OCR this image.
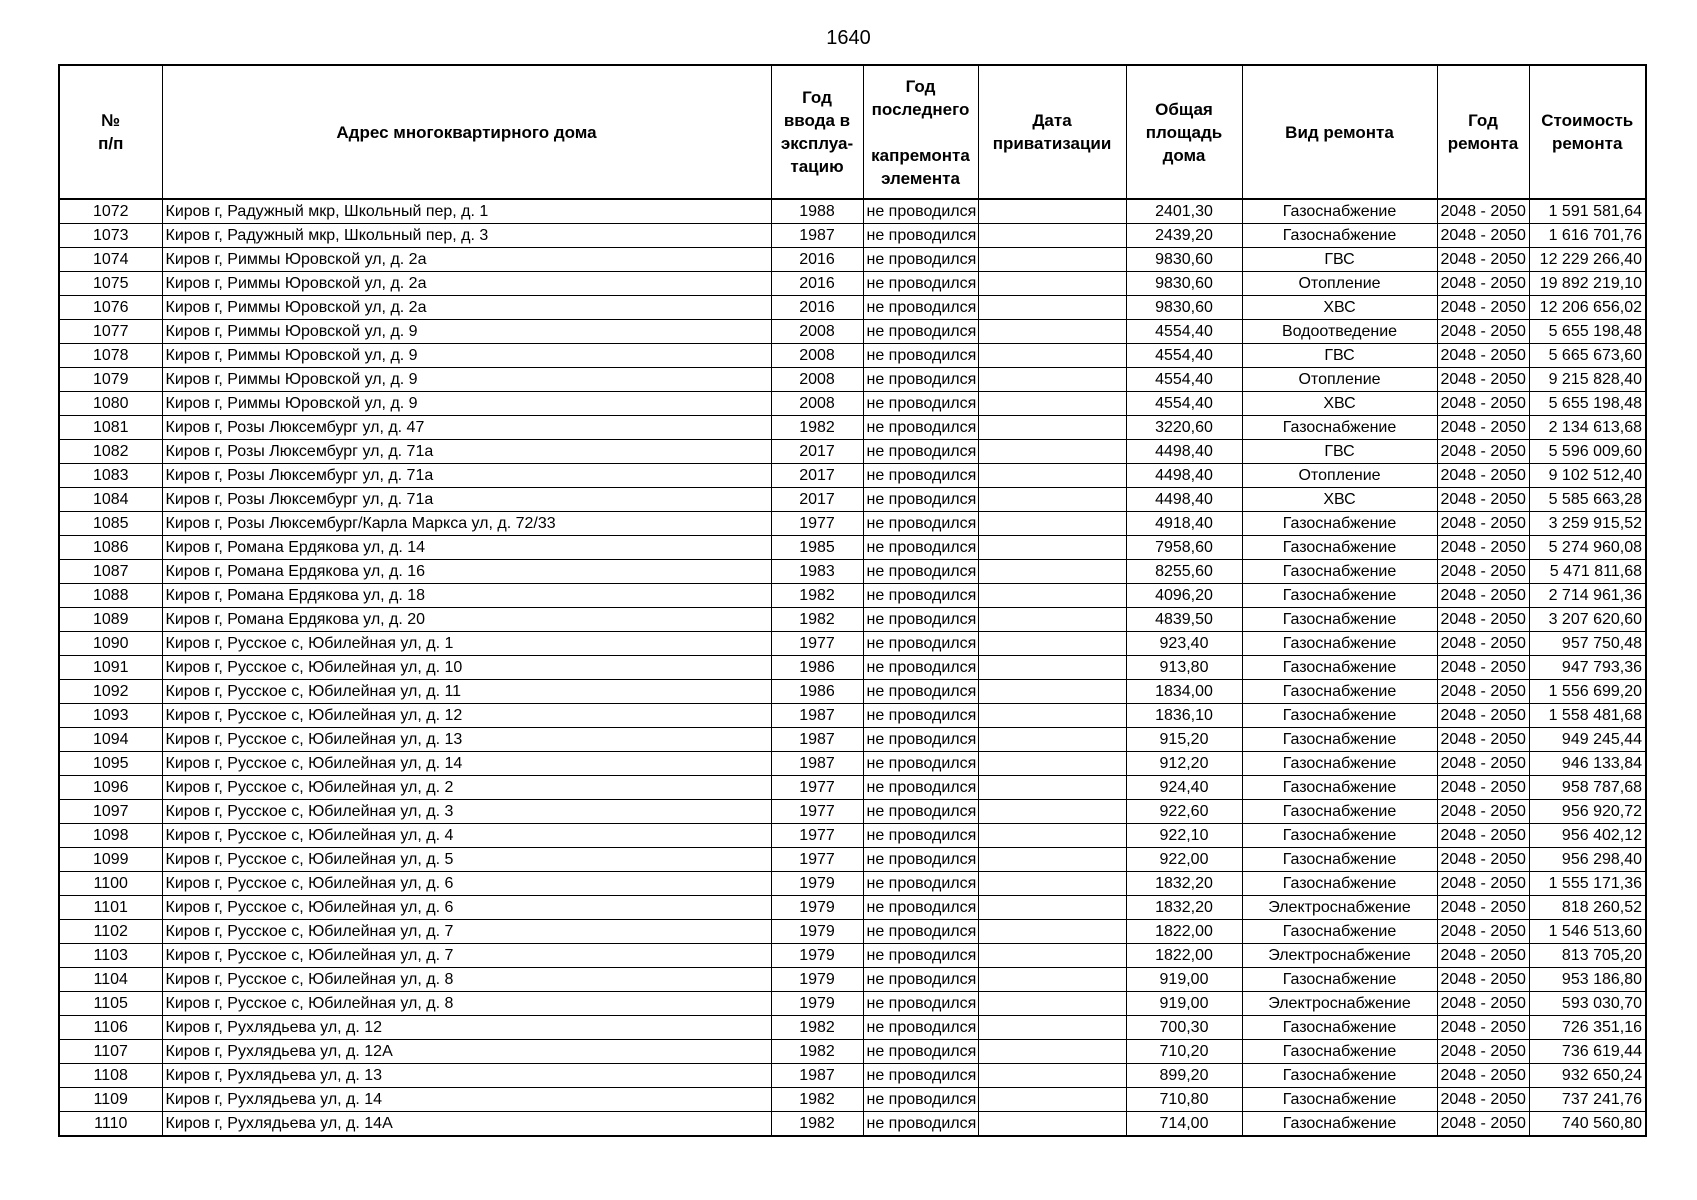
1640
№
п/п	Адрес многоквартирного дома	Год
ввода в
эксплуа-
тацию	Год
последнего
капремонта
элемента	Дата
приватизации	Общая
площадь
дома	Вид ремонта	Год
ремонта	Стоимость
ремонта

1072	Киров г, Радужный мкр, Школьный пер, д. 1	1988	не проводился		2401,30	Газоснабжение	2048 - 2050	1 591 581,64
1073	Киров г, Радужный мкр, Школьный пер, д. 3	1987	не проводился		2439,20	Газоснабжение	2048 - 2050	1 616 701,76
1074	Киров г, Риммы Юровской ул, д. 2а	2016	не проводился		9830,60	ГВС	2048 - 2050	12 229 266,40
1075	Киров г, Риммы Юровской ул, д. 2а	2016	не проводился		9830,60	Отопление	2048 - 2050	19 892 219,10
1076	Киров г, Риммы Юровской ул, д. 2а	2016	не проводился		9830,60	ХВС	2048 - 2050	12 206 656,02
1077	Киров г, Риммы Юровской ул, д. 9	2008	не проводился		4554,40	Водоотведение	2048 - 2050	5 655 198,48
1078	Киров г, Риммы Юровской ул, д. 9	2008	не проводился		4554,40	ГВС	2048 - 2050	5 665 673,60
1079	Киров г, Риммы Юровской ул, д. 9	2008	не проводился		4554,40	Отопление	2048 - 2050	9 215 828,40
1080	Киров г, Риммы Юровской ул, д. 9	2008	не проводился		4554,40	ХВС	2048 - 2050	5 655 198,48
1081	Киров г, Розы Люксембург ул, д. 47	1982	не проводился		3220,60	Газоснабжение	2048 - 2050	2 134 613,68
1082	Киров г, Розы Люксембург ул, д. 71а	2017	не проводился		4498,40	ГВС	2048 - 2050	5 596 009,60
1083	Киров г, Розы Люксембург ул, д. 71а	2017	не проводился		4498,40	Отопление	2048 - 2050	9 102 512,40
1084	Киров г, Розы Люксембург ул, д. 71а	2017	не проводился		4498,40	ХВС	2048 - 2050	5 585 663,28
1085	Киров г, Розы Люксембург/Карла Маркса ул, д. 72/33	1977	не проводился		4918,40	Газоснабжение	2048 - 2050	3 259 915,52
1086	Киров г, Романа Ердякова ул, д. 14	1985	не проводился		7958,60	Газоснабжение	2048 - 2050	5 274 960,08
1087	Киров г, Романа Ердякова ул, д. 16	1983	не проводился		8255,60	Газоснабжение	2048 - 2050	5 471 811,68
1088	Киров г, Романа Ердякова ул, д. 18	1982	не проводился		4096,20	Газоснабжение	2048 - 2050	2 714 961,36
1089	Киров г, Романа Ердякова ул, д. 20	1982	не проводился		4839,50	Газоснабжение	2048 - 2050	3 207 620,60
1090	Киров г, Русское с, Юбилейная ул, д. 1	1977	не проводился		923,40	Газоснабжение	2048 - 2050	957 750,48
1091	Киров г, Русское с, Юбилейная ул, д. 10	1986	не проводился		913,80	Газоснабжение	2048 - 2050	947 793,36
1092	Киров г, Русское с, Юбилейная ул, д. 11	1986	не проводился		1834,00	Газоснабжение	2048 - 2050	1 556 699,20
1093	Киров г, Русское с, Юбилейная ул, д. 12	1987	не проводился		1836,10	Газоснабжение	2048 - 2050	1 558 481,68
1094	Киров г, Русское с, Юбилейная ул, д. 13	1987	не проводился		915,20	Газоснабжение	2048 - 2050	949 245,44
1095	Киров г, Русское с, Юбилейная ул, д. 14	1987	не проводился		912,20	Газоснабжение	2048 - 2050	946 133,84
1096	Киров г, Русское с, Юбилейная ул, д. 2	1977	не проводился		924,40	Газоснабжение	2048 - 2050	958 787,68
1097	Киров г, Русское с, Юбилейная ул, д. 3	1977	не проводился		922,60	Газоснабжение	2048 - 2050	956 920,72
1098	Киров г, Русское с, Юбилейная ул, д. 4	1977	не проводился		922,10	Газоснабжение	2048 - 2050	956 402,12
1099	Киров г, Русское с, Юбилейная ул, д. 5	1977	не проводился		922,00	Газоснабжение	2048 - 2050	956 298,40
1100	Киров г, Русское с, Юбилейная ул, д. 6	1979	не проводился		1832,20	Газоснабжение	2048 - 2050	1 555 171,36
1101	Киров г, Русское с, Юбилейная ул, д. 6	1979	не проводился		1832,20	Электроснабжение	2048 - 2050	818 260,52
1102	Киров г, Русское с, Юбилейная ул, д. 7	1979	не проводился		1822,00	Газоснабжение	2048 - 2050	1 546 513,60
1103	Киров г, Русское с, Юбилейная ул, д. 7	1979	не проводился		1822,00	Электроснабжение	2048 - 2050	813 705,20
1104	Киров г, Русское с, Юбилейная ул, д. 8	1979	не проводился		919,00	Газоснабжение	2048 - 2050	953 186,80
1105	Киров г, Русское с, Юбилейная ул, д. 8	1979	не проводился		919,00	Электроснабжение	2048 - 2050	593 030,70
1106	Киров г, Рухлядьева ул, д. 12	1982	не проводился		700,30	Газоснабжение	2048 - 2050	726 351,16
1107	Киров г, Рухлядьева ул, д. 12А	1982	не проводился		710,20	Газоснабжение	2048 - 2050	736 619,44
1108	Киров г, Рухлядьева ул, д. 13	1987	не проводился		899,20	Газоснабжение	2048 - 2050	932 650,24
1109	Киров г, Рухлядьева ул, д. 14	1982	не проводился		710,80	Газоснабжение	2048 - 2050	737 241,76
1110	Киров г, Рухлядьева ул, д. 14А	1982	не проводился		714,00	Газоснабжение	2048 - 2050	740 560,80
